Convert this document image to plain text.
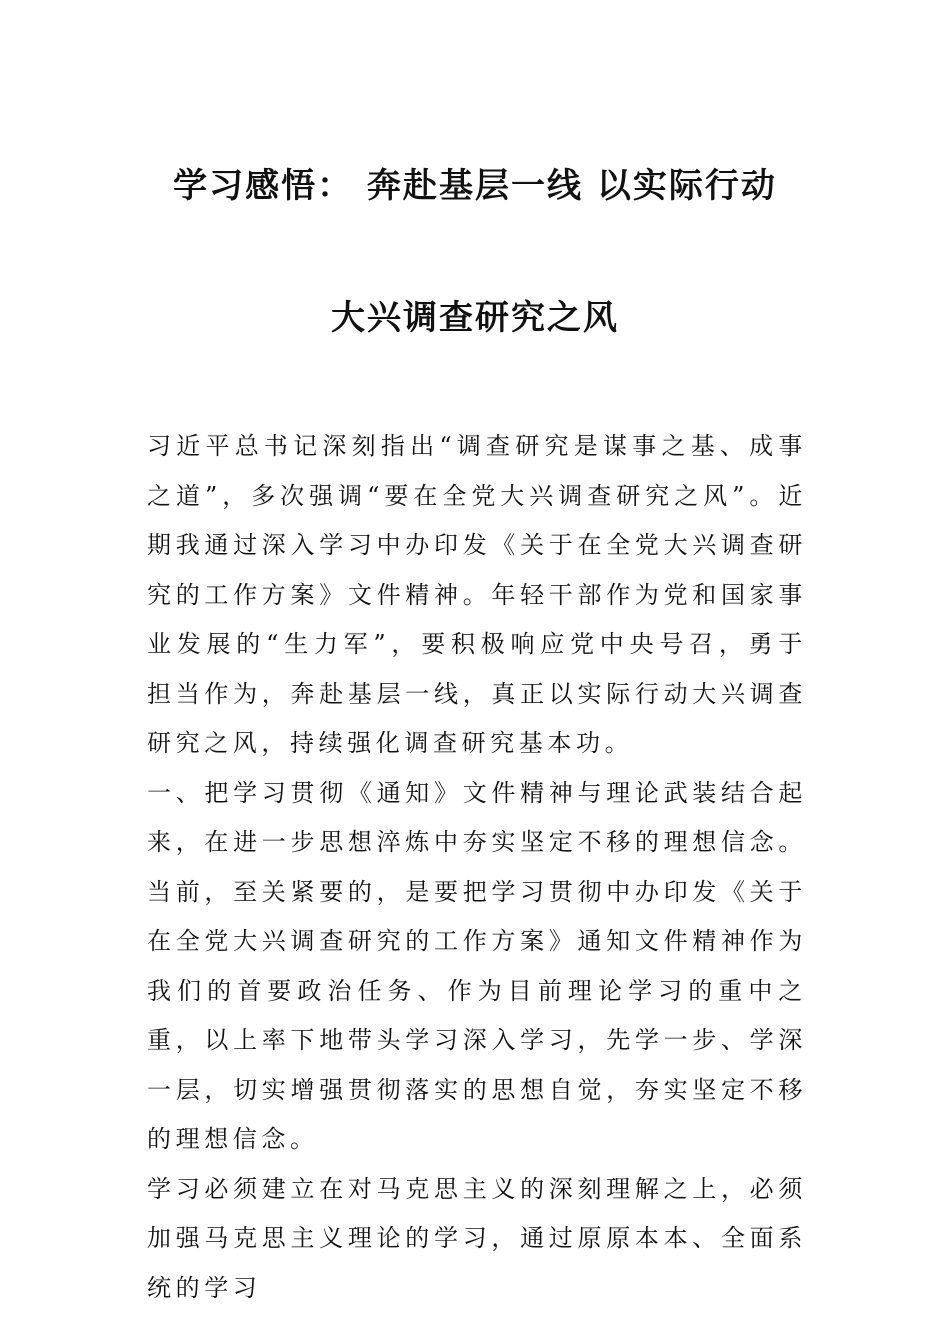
学习感悟： 奔赴基层一线 以实际行动
大兴调查研究之风

习近平总书记深刻指出“调查研究是谋事之基、成事之道”，多次强调“要在全党大兴调查研究之风”。近期我通过深入学习中办印发《关于在全党大兴调查研究的工作方案》文件精神。年轻干部作为党和国家事业发展的“生力军”，要积极响应党中央号召，勇于担当作为，奔赴基层一线，真正以实际行动大兴调查研究之风，持续强化调查研究基本功。

一、把学习贯彻《通知》文件精神与理论武装结合起来，在进一步思想淬炼中夯实坚定不移的理想信念。当前，至关紧要的，是要把学习贯彻中办印发《关于在全党大兴调查研究的工作方案》通知文件精神作为我们的首要政治任务、作为目前理论学习的重中之重，以上率下地带头学习深入学习，先学一步、学深一层，切实增强贯彻落实的思想自觉，夯实坚定不移的理想信念。

学习必须建立在对马克思主义的深刻理解之上，必须加强马克思主义理论的学习，通过原原本本、全面系统的学习
